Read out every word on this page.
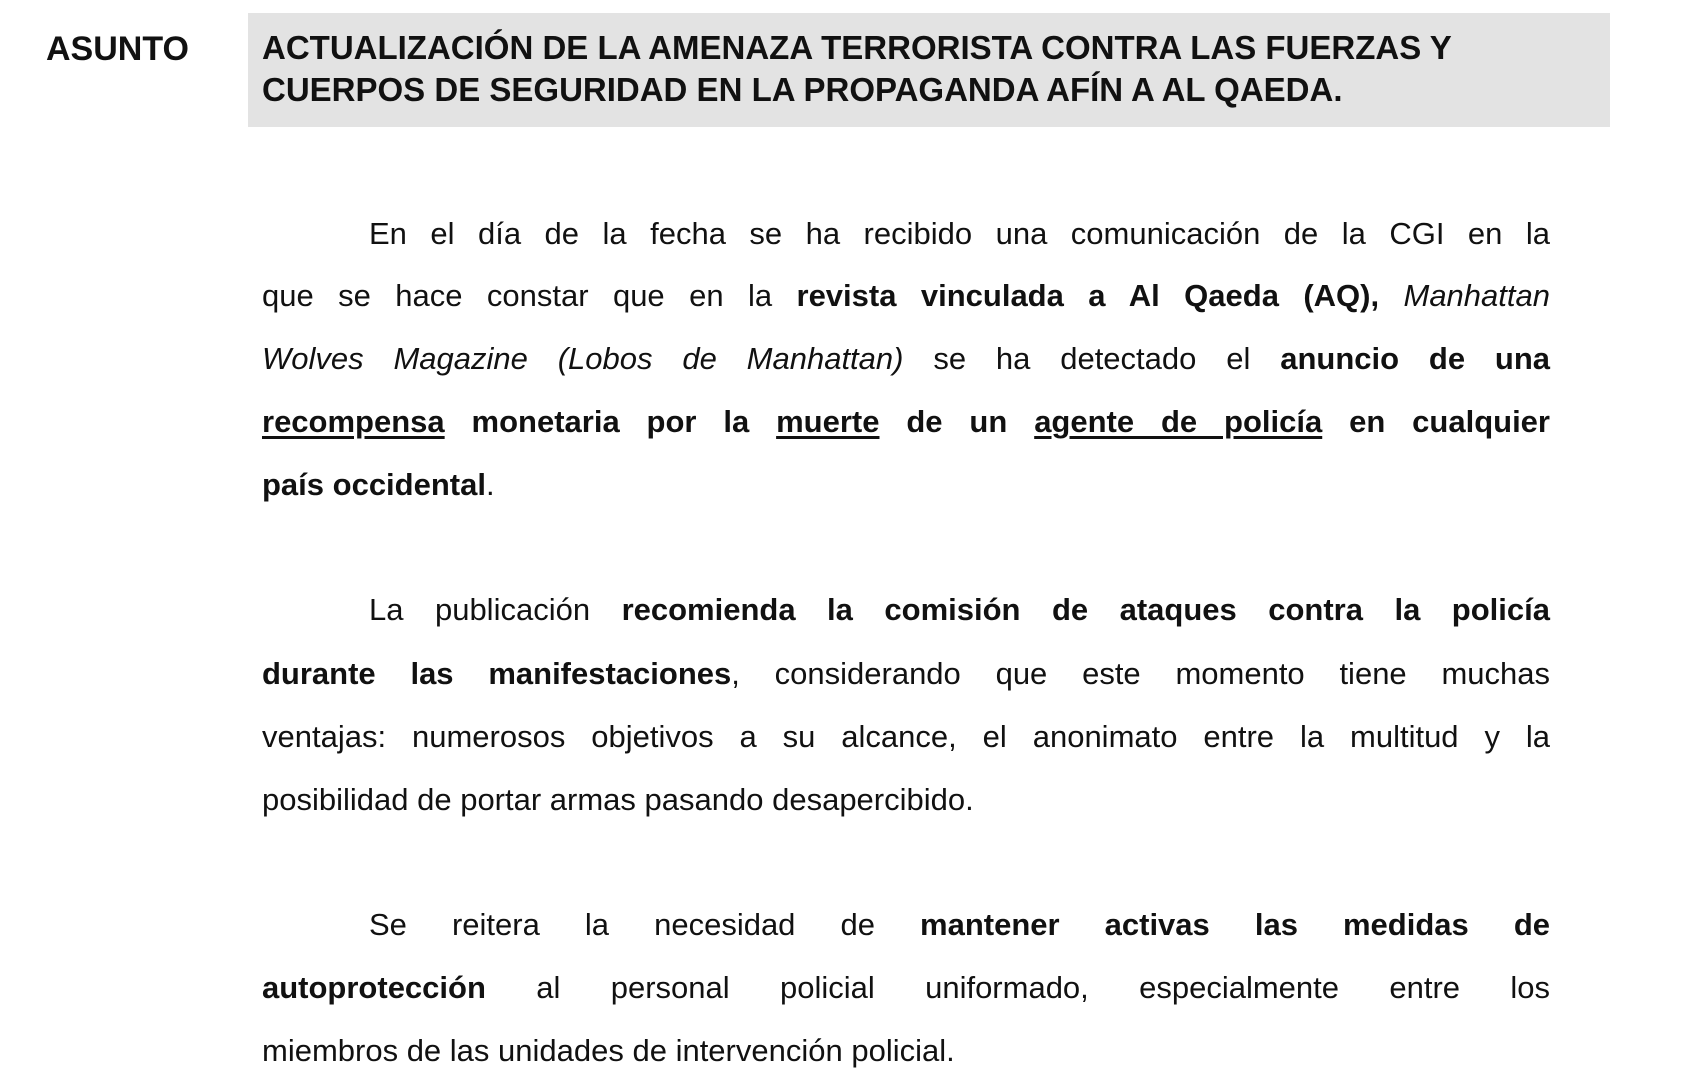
ASUNTO ACTUALIZACIÓN DE LA AMENAZA TERRORISTA CONTRA LAS FUERZAS Y
CUERPOS DE SEGURIDAD EN LA PROPAGANDA AFÍN A AL QAEDA.
En el día de la fecha se ha recibido una comunicación de la CGI en la
que se hace constar que en la revista vinculada a Al Qaeda (AQ), Manhattan
Wolves Magazine (Lobos de Manhattan) se ha detectado el anuncio de una
recompensa monetaria por la muerte de un agente de policía en cualquier
país occidental.
La publicación recomienda la comisión de ataques contra la policía
durante las manifestaciones, considerando que este momento tiene muchas
ventajas: numerosos objetivos a su alcance, el anonimato entre la multitud y la
posibilidad de portar armas pasando desapercibido.
Se reitera la necesidad de mantener activas las medidas de
autoprotección al personal policial uniformado, especialmente entre los
miembros de las unidades de intervención policial.
